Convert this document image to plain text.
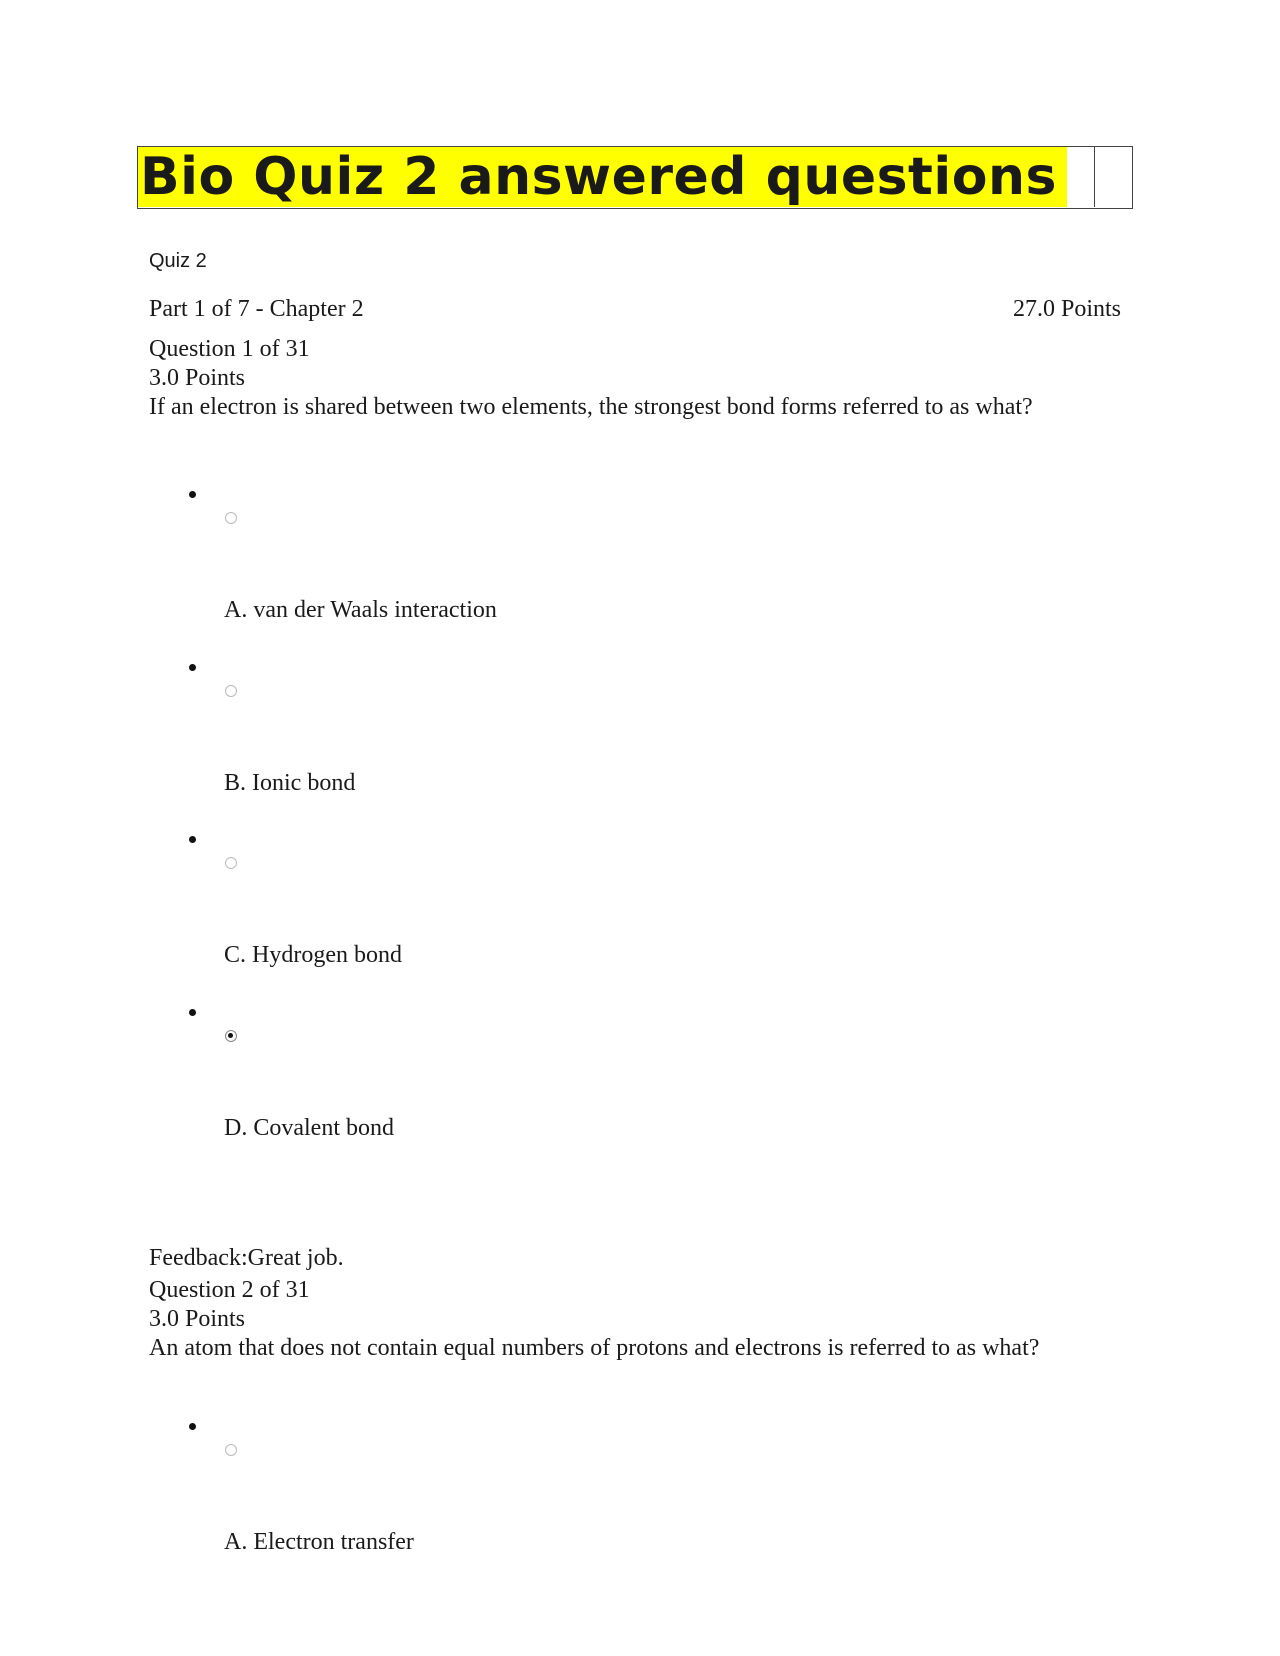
Bio Quiz 2 answered questions
Quiz 2
Part 1 of 7 - Chapter 2	27.0 Points
Question 1 of 31
3.0 Points
If an electron is shared between two elements, the strongest bond forms referred to as what?
A. van der Waals interaction
B. Ionic bond
C. Hydrogen bond
D. Covalent bond
Feedback:Great job.
Question 2 of 31
3.0 Points
An atom that does not contain equal numbers of protons and electrons is referred to as what?
A. Electron transfer
